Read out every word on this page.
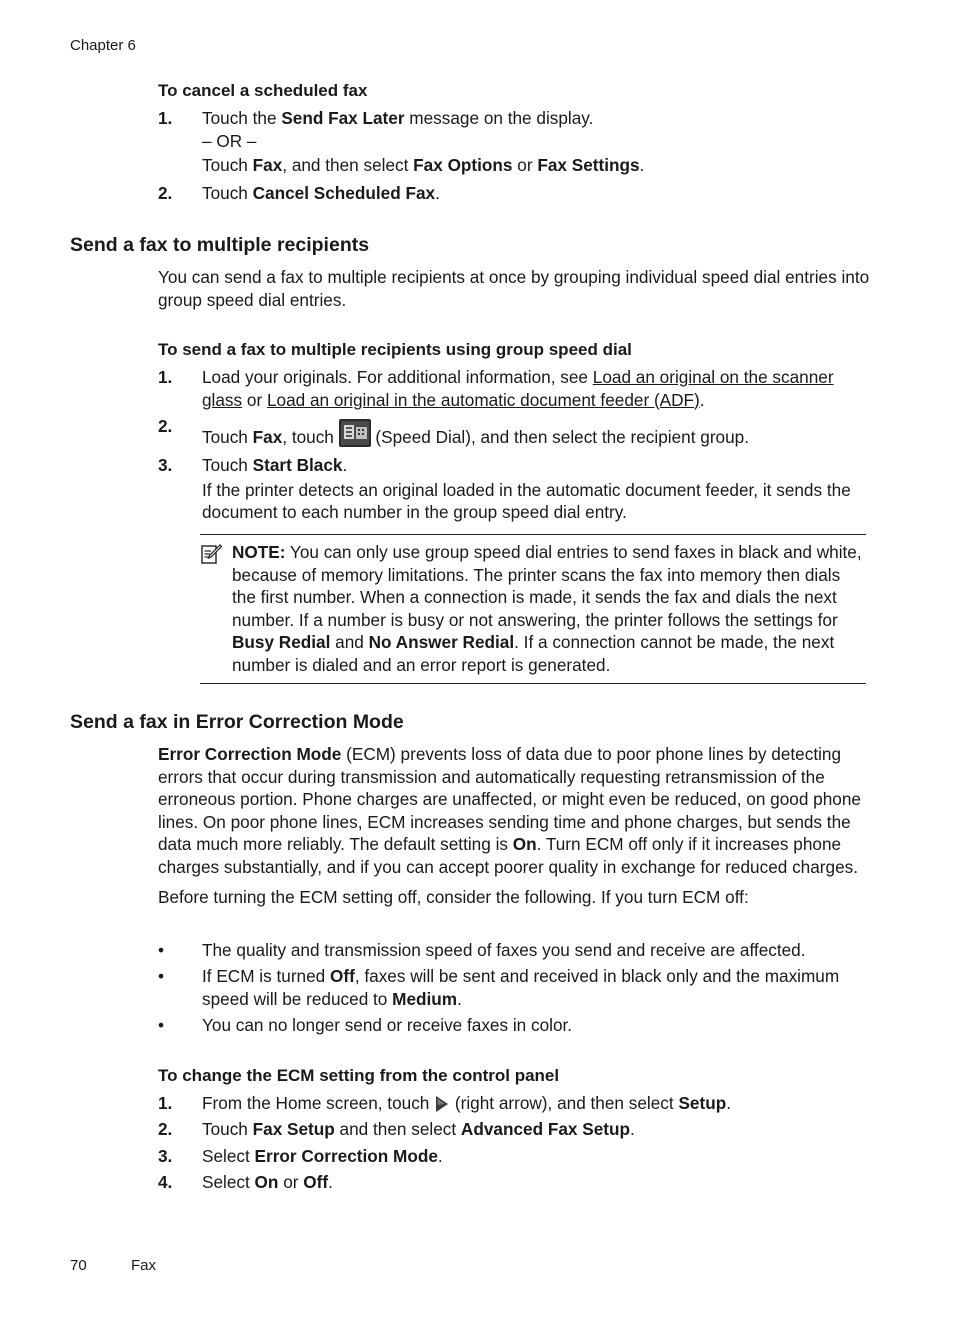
Chapter 6
To cancel a scheduled fax
1. Touch the Send Fax Later message on the display.
– OR –
Touch Fax, and then select Fax Options or Fax Settings.
2. Touch Cancel Scheduled Fax.
Send a fax to multiple recipients
You can send a fax to multiple recipients at once by grouping individual speed dial entries into group speed dial entries.
To send a fax to multiple recipients using group speed dial
1. Load your originals. For additional information, see Load an original on the scanner glass or Load an original in the automatic document feeder (ADF).
2.
Touch Fax, touch  (Speed Dial), and then select the recipient group.
3. Touch Start Black.
If the printer detects an original loaded in the automatic document feeder, it sends the document to each number in the group speed dial entry.
NOTE: You can only use group speed dial entries to send faxes in black and white, because of memory limitations. The printer scans the fax into memory then dials the first number. When a connection is made, it sends the fax and dials the next number. If a number is busy or not answering, the printer follows the settings for Busy Redial and No Answer Redial. If a connection cannot be made, the next number is dialed and an error report is generated.
Send a fax in Error Correction Mode

Error Correction Mode (ECM) prevents loss of data due to poor phone lines by detecting errors that occur during transmission and automatically requesting retransmission of the erroneous portion. Phone charges are unaffected, or might even be reduced, on good phone lines. On poor phone lines, ECM increases sending time and phone charges, but sends the data much more reliably. The default setting is On. Turn ECM off only if it increases phone charges substantially, and if you can accept poorer quality in exchange for reduced charges.

Before turning the ECM setting off, consider the following. If you turn ECM off:

• The quality and transmission speed of faxes you send and receive are affected.
• If ECM is turned Off, faxes will be sent and received in black only and the maximum speed will be reduced to Medium.
• You can no longer send or receive faxes in color.
To change the ECM setting from the control panel
1. From the Home screen, touch  (right arrow), and then select Setup.
2. Touch Fax Setup and then select Advanced Fax Setup.
3. Select Error Correction Mode.
4. Select On or Off.
70	Fax
